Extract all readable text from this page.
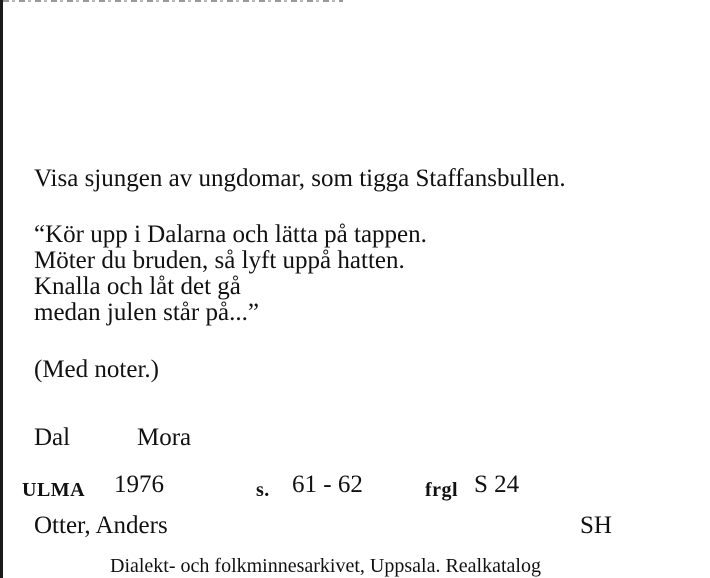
Visa sjungen av ungdomar, som tigga Staffansbullen.
“Kör upp i Dalarna och lätta på tappen.
Möter du bruden, så lyft uppå hatten.
Knalla och låt det gå
medan julen står på...”
(Med noter.)
Dal	Mora
ULMA 1976	s. 61 - 62	frgl S 24
Otter, Anders	SH
Dialekt- och folkminnesarkivet, Uppsala. Realkatalog
